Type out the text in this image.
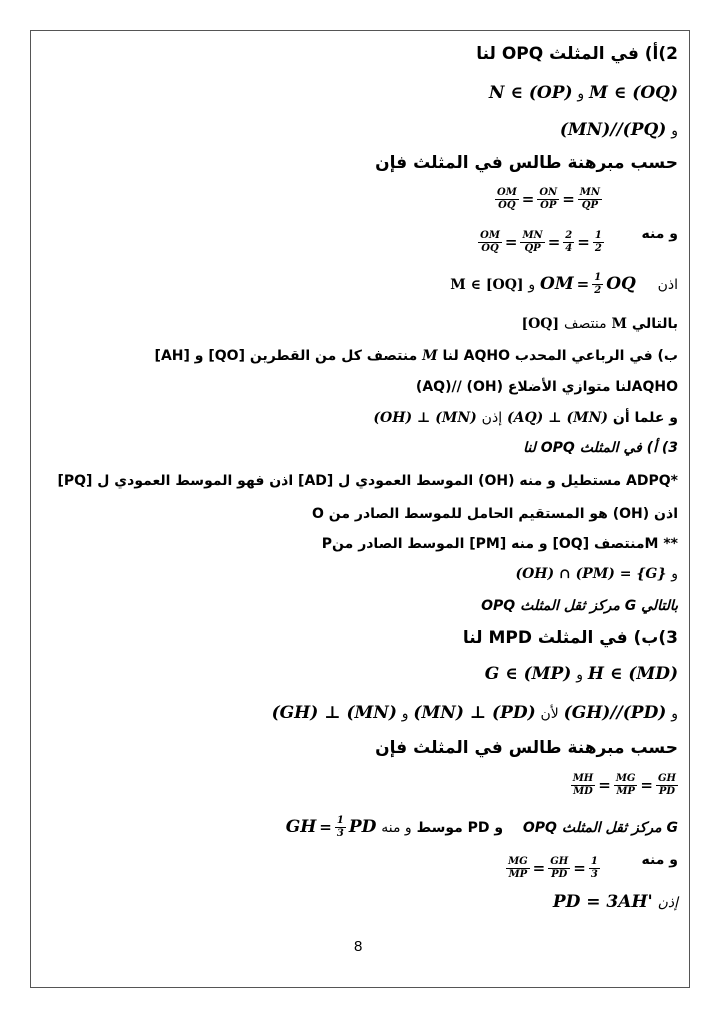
2)أ) في المثلث OPQ لنا
M ∈ (OQ) و N ∈ (OP)
و (MN)//(PQ)
حسب مبرهنة طالس في المثلث فإن
$\frac{OM}{OQ} = \frac{ON}{OP} = \frac{MN}{QP}$
و منه
$\frac{OM}{OQ} = \frac{MN}{QP} = \frac{2}{4} = \frac{1}{2}$
اذن
OM = $\frac{1}{2}$ OQ
و M ∈ [OQ]
بالتالي M منتصف [OQ]
ب) في الرباعي المحدب AQHO لنا M منتصف كل من القطرين [QO] و [AH]
AQHOلنا متوازي الأضلاع (OH) //(AQ)
و علما أن (AQ) ⊥ (MN) إذن (OH) ⊥ (MN)
3) أ) في المثلث OPQ لنا
*ADPQ مستطيل و منه (OH) الموسط العمودي ل [AD] اذن فهو الموسط العمودي ل [PQ]
اذن (OH) هو المستقيم الحامل للموسط الصادر من O
** Mمنتصف [OQ] و منه [PM] الموسط الصادر منP
و (OH) ∩ (PM) = {G}
بالتالي G مركز ثقل المثلث OPQ
3)ب) في المثلث MPD لنا
H ∈ (MD) و G ∈ (MP)
و (GH)//(PD) لأن (MN) ⊥ (PD) و (GH) ⊥ (MN)
حسب مبرهنة طالس في المثلث فإن
$\frac{MH}{MD} = \frac{MG}{MP} = \frac{GH}{PD}$
G مركز ثقل المثلث OPQ  و PD موسط و منه
GH = $\frac{1}{3}$ PD
و منه
$\frac{MG}{MP} = \frac{GH}{PD} = \frac{1}{3}$
إذن PD = 3AH'
8
